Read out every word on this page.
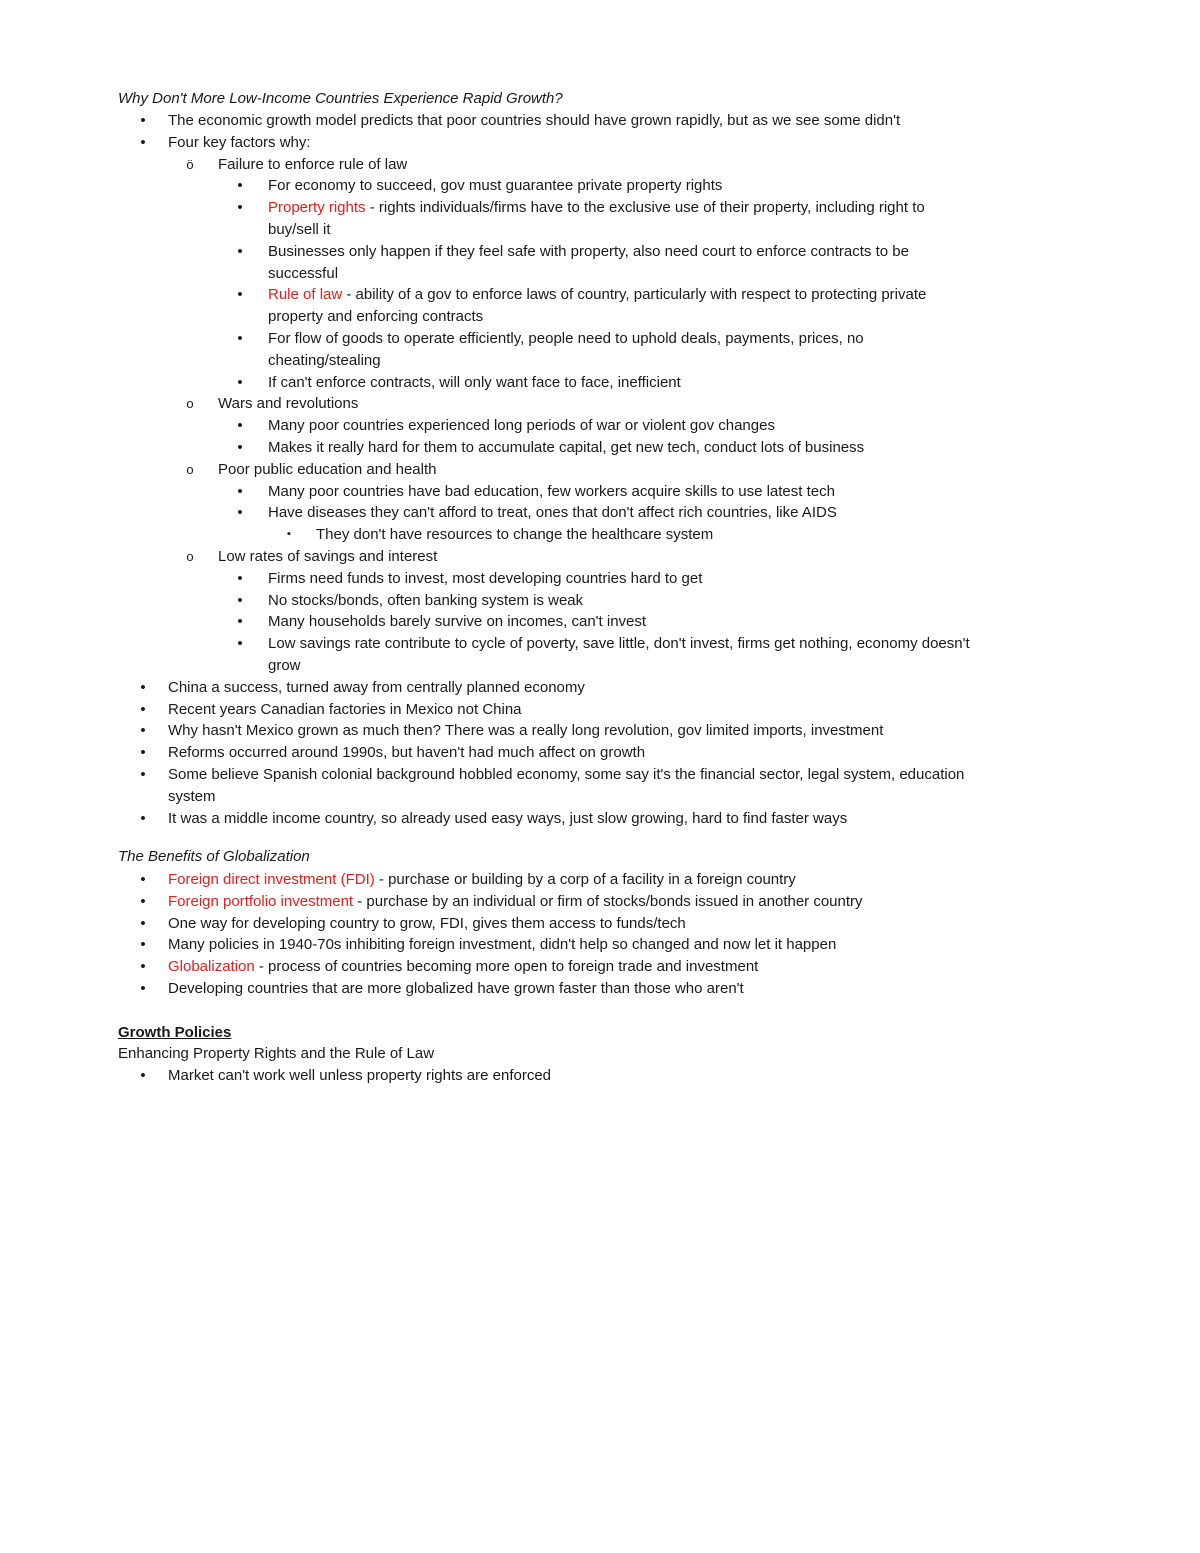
Why Don't More Low-Income Countries Experience Rapid Growth?
• The economic growth model predicts that poor countries should have grown rapidly, but as we see some didn't
• Four key factors why:
ö Failure to enforce rule of law
• For economy to succeed, gov must guarantee private property rights
• Property rights - rights individuals/firms have to the exclusive use of their property, including right to buy/sell it
• Businesses only happen if they feel safe with property, also need court to enforce contracts to be successful
• Rule of law - ability of a gov to enforce laws of country, particularly with respect to protecting private property and enforcing contracts
• For flow of goods to operate efficiently, people need to uphold deals, payments, prices, no cheating/stealing
• If can't enforce contracts, will only want face to face, inefficient
o Wars and revolutions
• Many poor countries experienced long periods of war or violent gov changes
• Makes it really hard for them to accumulate capital, get new tech, conduct lots of business
o Poor public education and health
• Many poor countries have bad education, few workers acquire skills to use latest tech
• Have diseases they can't afford to treat, ones that don't affect rich countries, like AIDS
▪	They don't have resources to change the healthcare system
o Low rates of savings and interest
• Firms need funds to invest, most developing countries hard to get
• No stocks/bonds, often banking system is weak
• Many households barely survive on incomes, can't invest
• Low savings rate contribute to cycle of poverty, save little, don't invest, firms get nothing, economy doesn't grow
• China a success, turned away from centrally planned economy
• Recent years Canadian factories in Mexico not China
• Why hasn't Mexico grown as much then? There was a really long revolution, gov limited imports, investment
• Reforms occurred around 1990s, but haven't had much affect on growth
• Some believe Spanish colonial background hobbled economy, some say it's the financial sector, legal system, education system
• It was a middle income country, so already used easy ways, just slow growing, hard to find faster ways
The Benefits of Globalization
• Foreign direct investment (FDI) - purchase or building by a corp of a facility in a foreign country
• Foreign portfolio investment - purchase by an individual or firm of stocks/bonds issued in another country
• One way for developing country to grow, FDI, gives them access to funds/tech
• Many policies in 1940-70s inhibiting foreign investment, didn't help so changed and now let it happen
• Globalization - process of countries becoming more open to foreign trade and investment
• Developing countries that are more globalized have grown faster than those who aren't
Growth Policies
Enhancing Property Rights and the Rule of Law
• Market can't work well unless property rights are enforced
